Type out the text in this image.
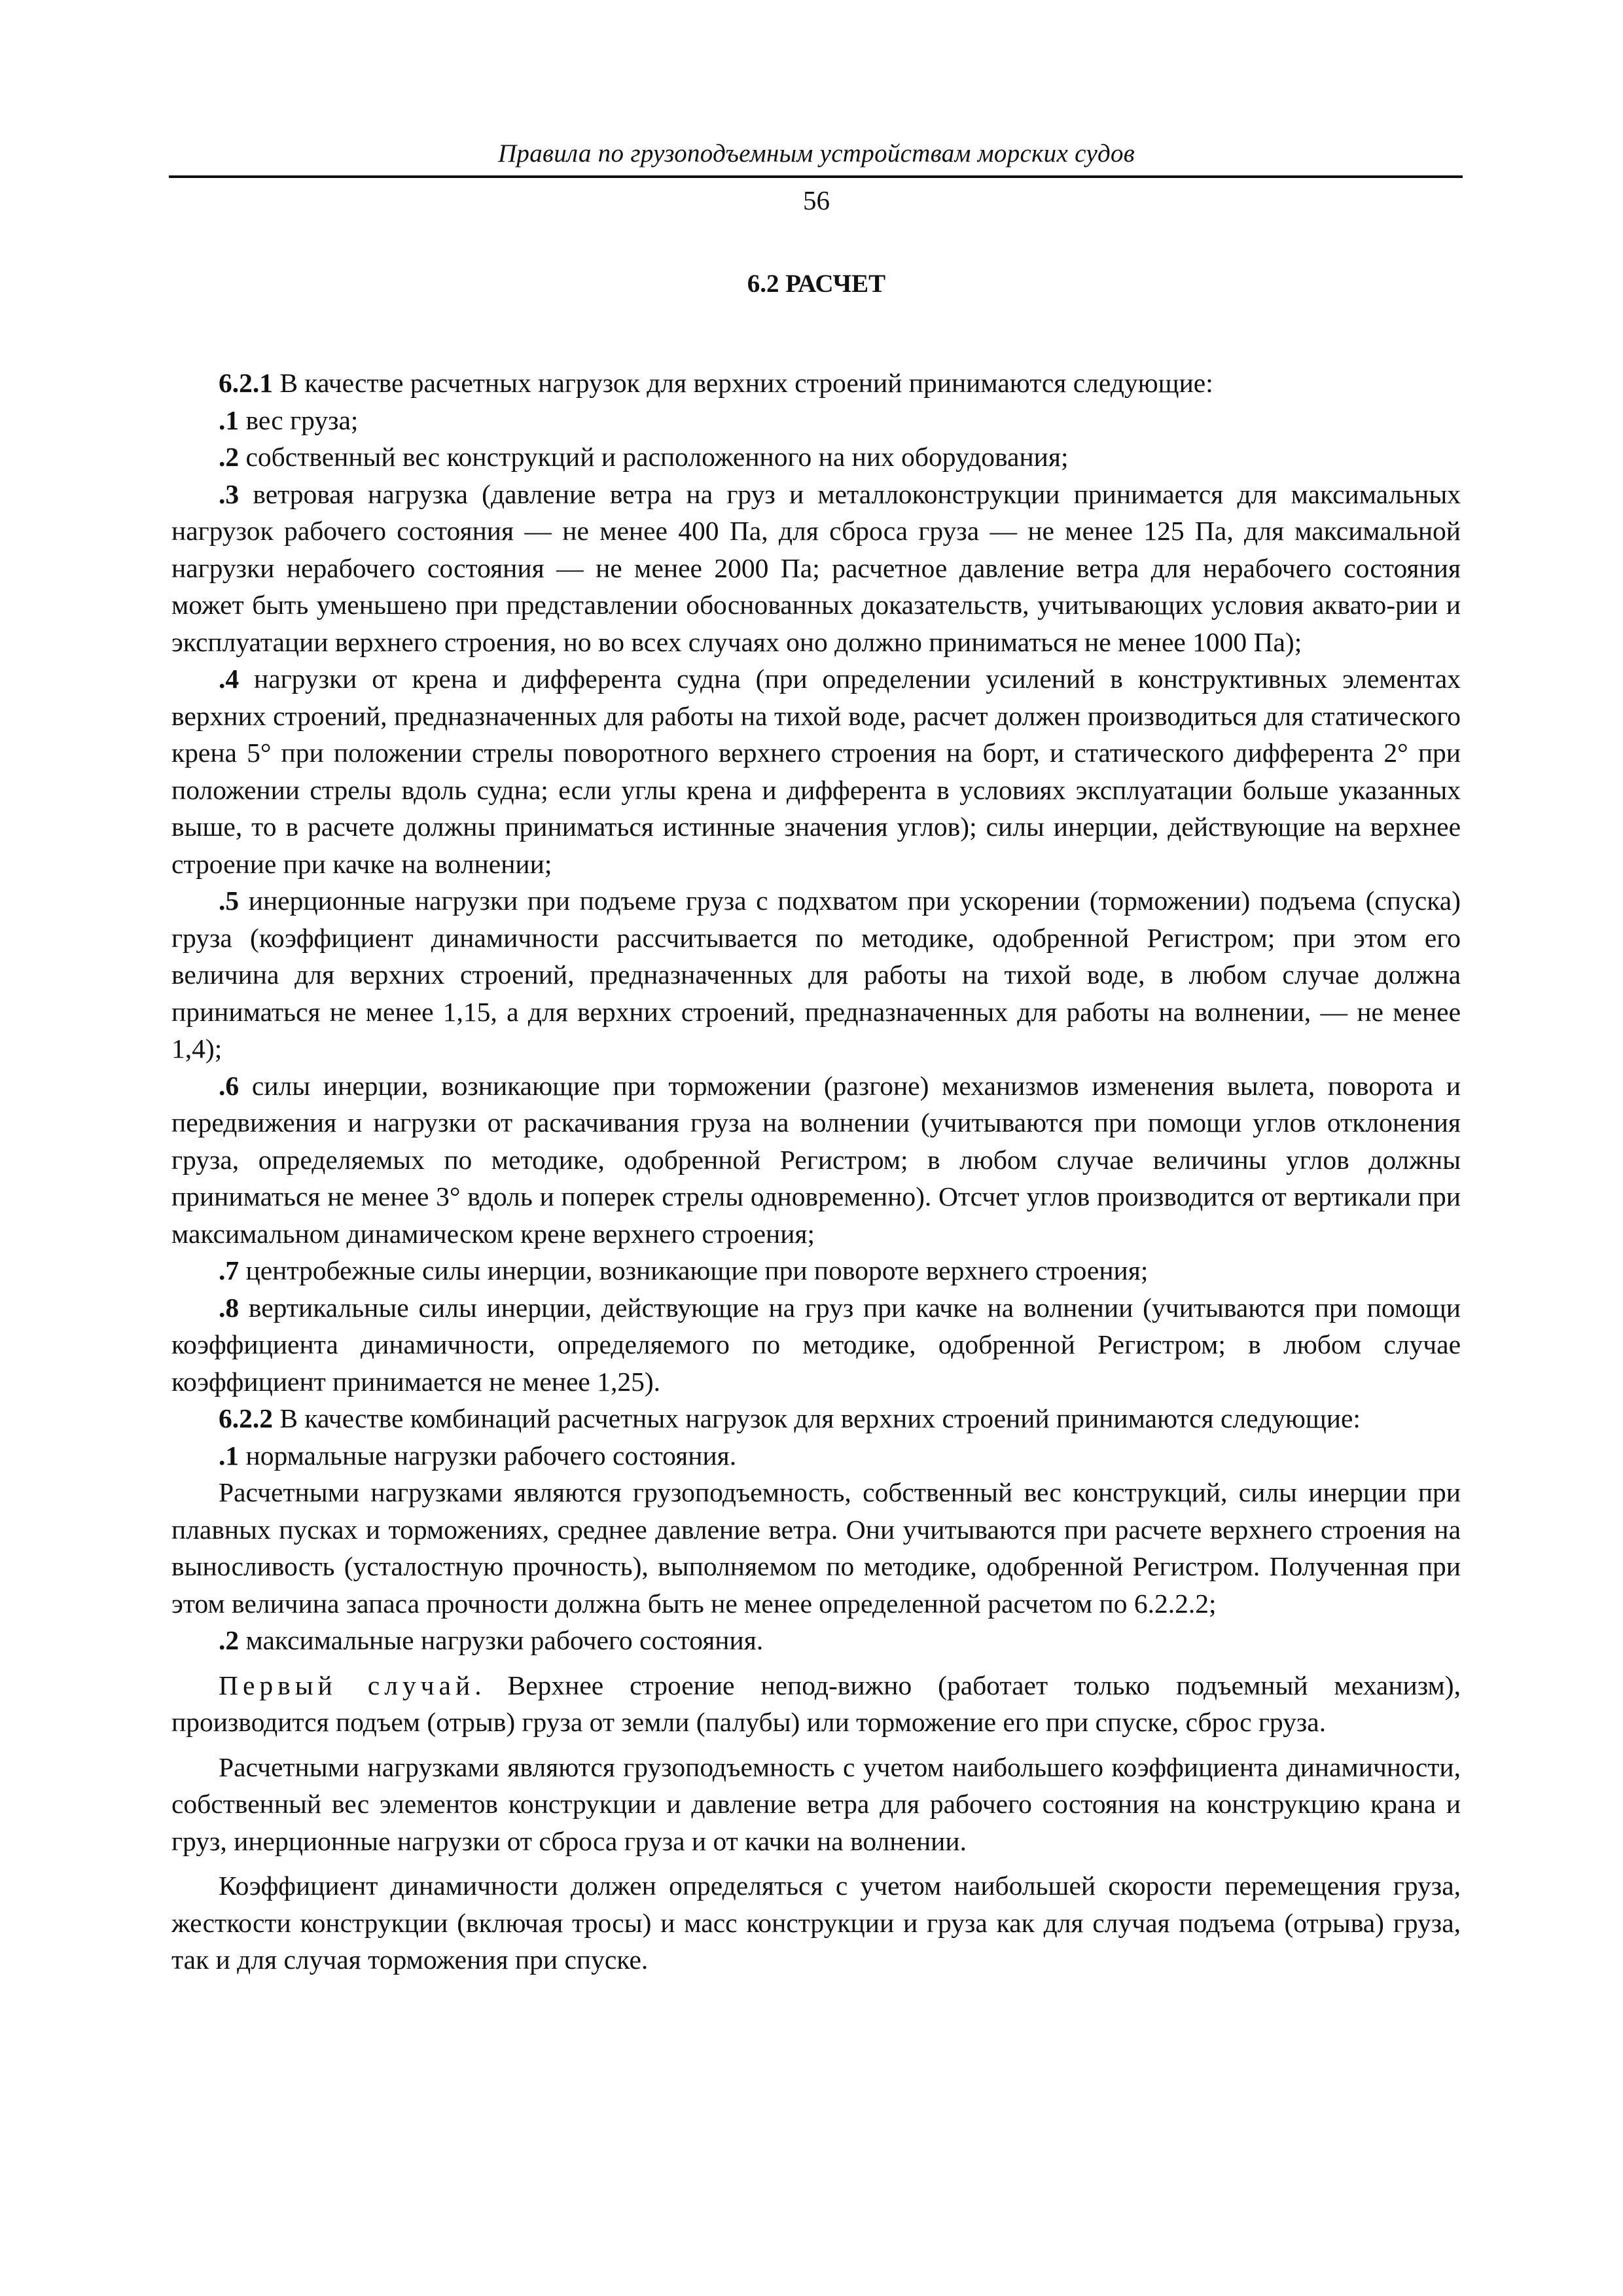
Правила по грузоподъемным устройствам морских судов
56
6.2 РАСЧЕТ

6.2.1 В качестве расчетных нагрузок для верхних строений принимаются следующие:

.1 вес груза;

.2 собственный вес конструкций и расположенного на них оборудования;

.3 ветровая нагрузка (давление ветра на груз и металлоконструкции принимается для максимальных нагрузок рабочего состояния — не менее 400 Па, для сброса груза — не менее 125 Па, для максимальной нагрузки нерабочего состояния — не менее 2000 Па; расчетное давление ветра для нерабочего состояния может быть уменьшено при представлении обоснованных доказательств, учитывающих условия аквато-рии и эксплуатации верхнего строения, но во всех случаях оно должно приниматься не менее 1000 Па);

.4 нагрузки от крена и дифферента судна (при определении усилений в конструктивных элементах верхних строений, предназначенных для работы на тихой воде, расчет должен производиться для статического крена 5° при положении стрелы поворотного верхнего строения на борт, и статического дифферента 2° при положении стрелы вдоль судна; если углы крена и дифферента в условиях эксплуатации больше указанных выше, то в расчете должны приниматься истинные значения углов); силы инерции, действующие на верхнее строение при качке на волнении;

.5 инерционные нагрузки при подъеме груза с подхватом при ускорении (торможении) подъема (спуска) груза (коэффициент динамичности рассчитывается по методике, одобренной Регистром; при этом его величина для верхних строений, предназначенных для работы на тихой воде, в любом случае должна приниматься не менее 1,15, а для верхних строений, предназначенных для работы на волнении, — не менее 1,4);

.6 силы инерции, возникающие при торможении (разгоне) механизмов изменения вылета, поворота и передвижения и нагрузки от раскачивания груза на волнении (учитываются при помощи углов отклонения груза, определяемых по методике, одобренной Регистром; в любом случае величины углов должны приниматься не менее 3° вдоль и поперек стрелы одновременно). Отсчет углов производится от вертикали при максимальном динамическом крене верхнего строения;

.7 центробежные силы инерции, возникающие при повороте верхнего строения;

.8 вертикальные силы инерции, действующие на груз при качке на волнении (учитываются при помощи коэффициента динамичности, определяемого по методике, одобренной Регистром; в любом случае коэффициент принимается не менее 1,25).

6.2.2 В качестве комбинаций расчетных нагрузок для верхних строений принимаются следующие:

.1 нормальные нагрузки рабочего состояния.

Расчетными нагрузками являются грузоподъемность, собственный вес конструкций, силы инерции при плавных пусках и торможениях, среднее давление ветра. Они учитываются при расчете верхнего строения на выносливость (усталостную прочность), выполняемом по методике, одобренной Регистром. Полученная при этом величина запаса прочности должна быть не менее определенной расчетом по 6.2.2.2;

.2 максимальные нагрузки рабочего состояния.

Первый случай. Верхнее строение непод-вижно (работает только подъемный механизм), производится подъем (отрыв) груза от земли (палубы) или торможение его при спуске, сброс груза.

Расчетными нагрузками являются грузоподъемность с учетом наибольшего коэффициента динамичности, собственный вес элементов конструкции и давление ветра для рабочего состояния на конструкцию крана и груз, инерционные нагрузки от сброса груза и от качки на волнении.

Коэффициент динамичности должен определяться с учетом наибольшей скорости перемещения груза, жесткости конструкции (включая тросы) и масс конструкции и груза как для случая подъема (отрыва) груза, так и для случая торможения при спуске.
